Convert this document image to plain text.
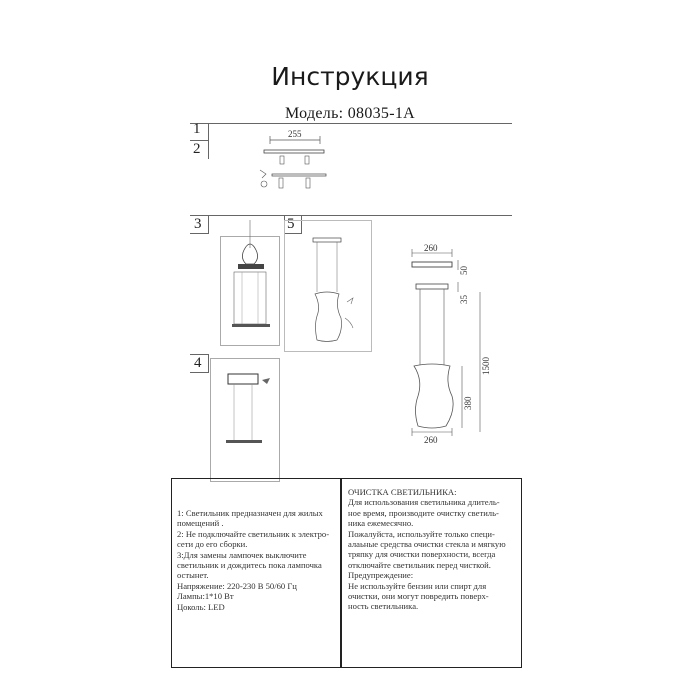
Инструкция
Модель: 08035-1A
1
2
255
3	5
4
260
50
35
1500
380
260

1: Светильник предназначен для жилых

помещений .

2: Не подключайте светильник к электро-

сети до его сборки.

3:Для замены лампочек выключите

светильник и дождитесь пока лампочка

остынет.

Напряжение: 220-230 В 50/60 Гц

Лампы:1*10 Вт

Цоколь: LED

ОЧИСТКА СВЕТИЛЬНИКА:

Для использования светильника длитель-

ное время, производите очистку светиль-

ника ежемесячно.

Пожалуйста, используйте только специ-

алаьные средства очистки стекла и мягкую

тряпку для очистки поверхности, всегда

отключайте светильник перед чисткой.

Предупреждение:

Не используйте бензин или спирт для

очистки, они могут повредить поверх-

ность светильника.
